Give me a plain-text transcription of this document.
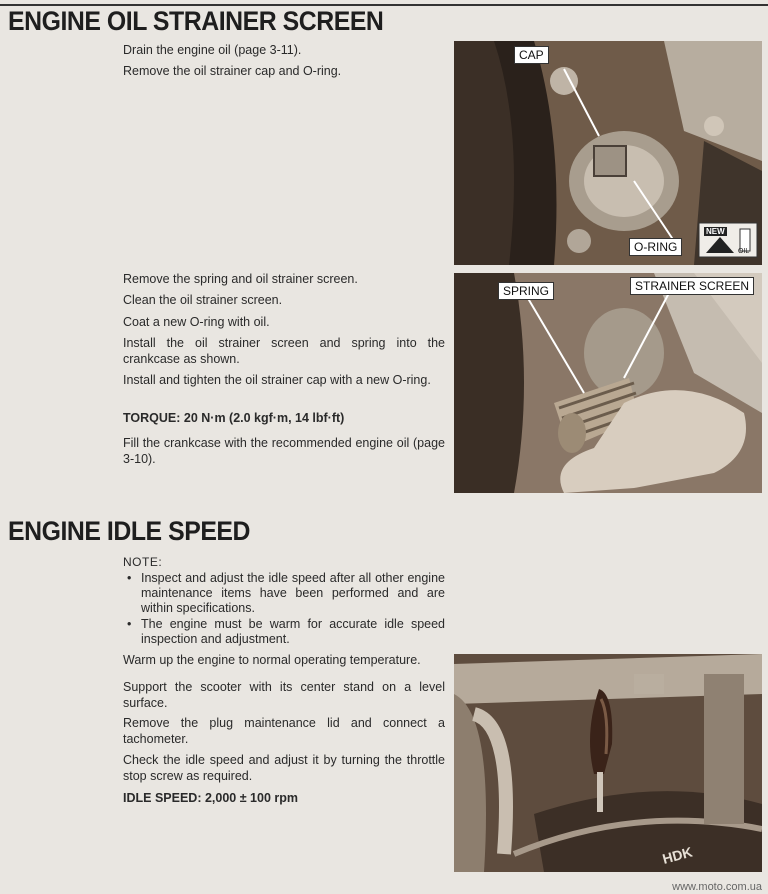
ENGINE OIL STRAINER SCREEN

Drain the engine oil (page 3-11).

Remove the oil strainer cap and O-ring.

Remove the spring and oil strainer screen.

Clean the oil strainer screen.

Coat a new O-ring with oil.

Install the oil strainer screen and spring into the crankcase as shown.

Install and tighten the oil strainer cap with a new O-ring.

TORQUE: 20 N·m (2.0 kgf·m, 14 lbf·ft)

Fill the crankcase with the recommended engine oil (page 3-10).

CAP
O-RING
NEW
OIL
SPRING	STRAINER SCREEN
ENGINE IDLE SPEED
NOTE:
• Inspect and adjust the idle speed after all other engine maintenance items have been performed and are within specifications.
• The engine must be warm for accurate idle speed inspection and adjustment.

Warm up the engine to normal operating temperature.

Support the scooter with its center stand on a level surface.

Remove the plug maintenance lid and connect a tachometer.

Check the idle speed and adjust it by turning the throttle stop screw as required.

IDLE SPEED: 2,000 ± 100 rpm

HDK
www.moto.com.ua
